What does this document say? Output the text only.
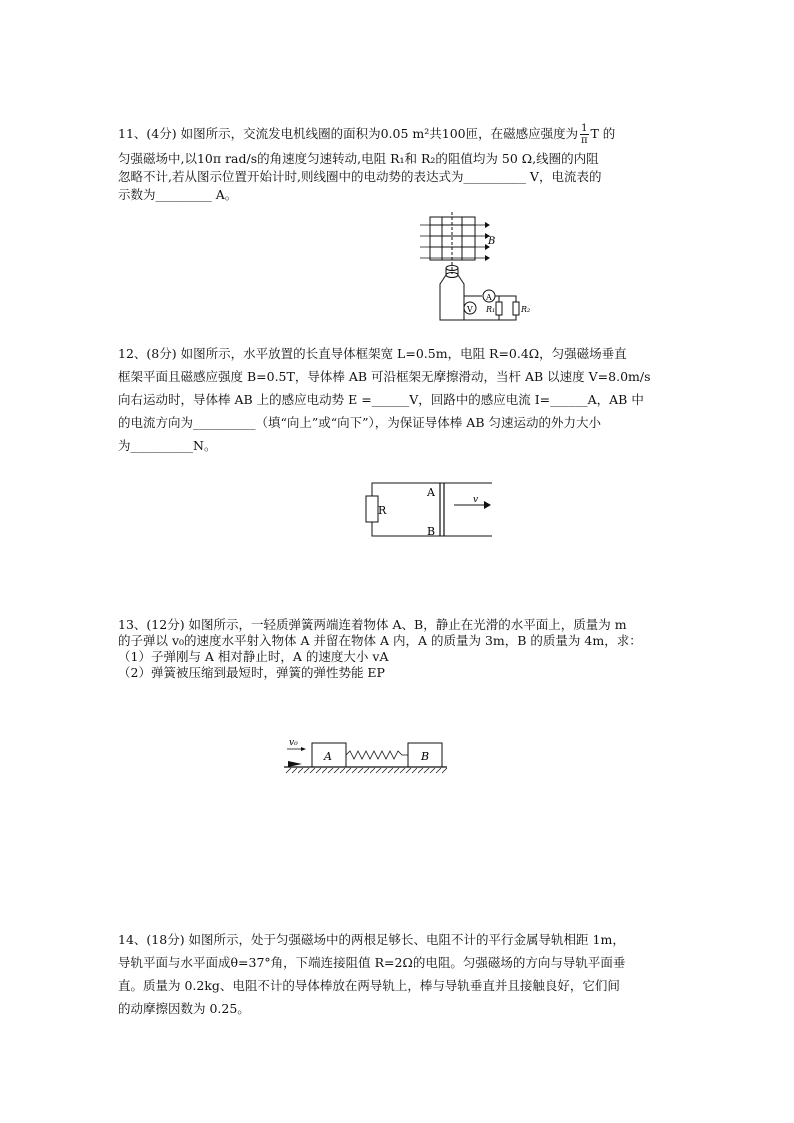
11、(4分) 如图所示，交流发电机线圈的面积为0.05 m²共100匝，在磁感应强度为 $\frac{1}{\pi}$ T 的
匀强磁场中,以10π rad/s的角速度匀速转动,电阻 R₁和 R₂的阻值均为 50 Ω,线圈的内阻
忽略不计,若从图示位置开始计时,则线圈中的电动势的表达式为__________ V，电流表的
示数为_________ A。
B
A
V R₁	R₂
12、(8分) 如图所示，水平放置的长直导体框架宽 L=0.5m，电阻 R=0.4Ω，匀强磁场垂直
框架平面且磁感应强度 B=0.5T，导体棒 AB 可沿框架无摩擦滑动，当杆 AB 以速度 V=8.0m/s
向右运动时，导体棒 AB 上的感应电动势 E =______V，回路中的感应电流 I=______A，AB 中
的电流方向为__________（填“向上”或“向下”），为保证导体棒 AB 匀速运动的外力大小
为__________N。
R
A
B
v
13、(12分) 如图所示，一轻质弹簧两端连着物体 A、B，静止在光滑的水平面上，质量为 m
的子弹以 v₀的速度水平射入物体 A 并留在物体 A 内，A 的质量为 3m，B 的质量为 4m，求：
（1）子弹刚与 A 相对静止时，A 的速度大小 vA
（2）弹簧被压缩到最短时，弹簧的弹性势能 EP
v₀
A	B
14、(18分) 如图所示，处于匀强磁场中的两根足够长、电阻不计的平行金属导轨相距 1m，
导轨平面与水平面成θ=37°角，下端连接阻值 R=2Ω的电阻。匀强磁场的方向与导轨平面垂
直。质量为 0.2kg、电阻不计的导体棒放在两导轨上，棒与导轨垂直并且接触良好，它们间
的动摩擦因数为 0.25。
